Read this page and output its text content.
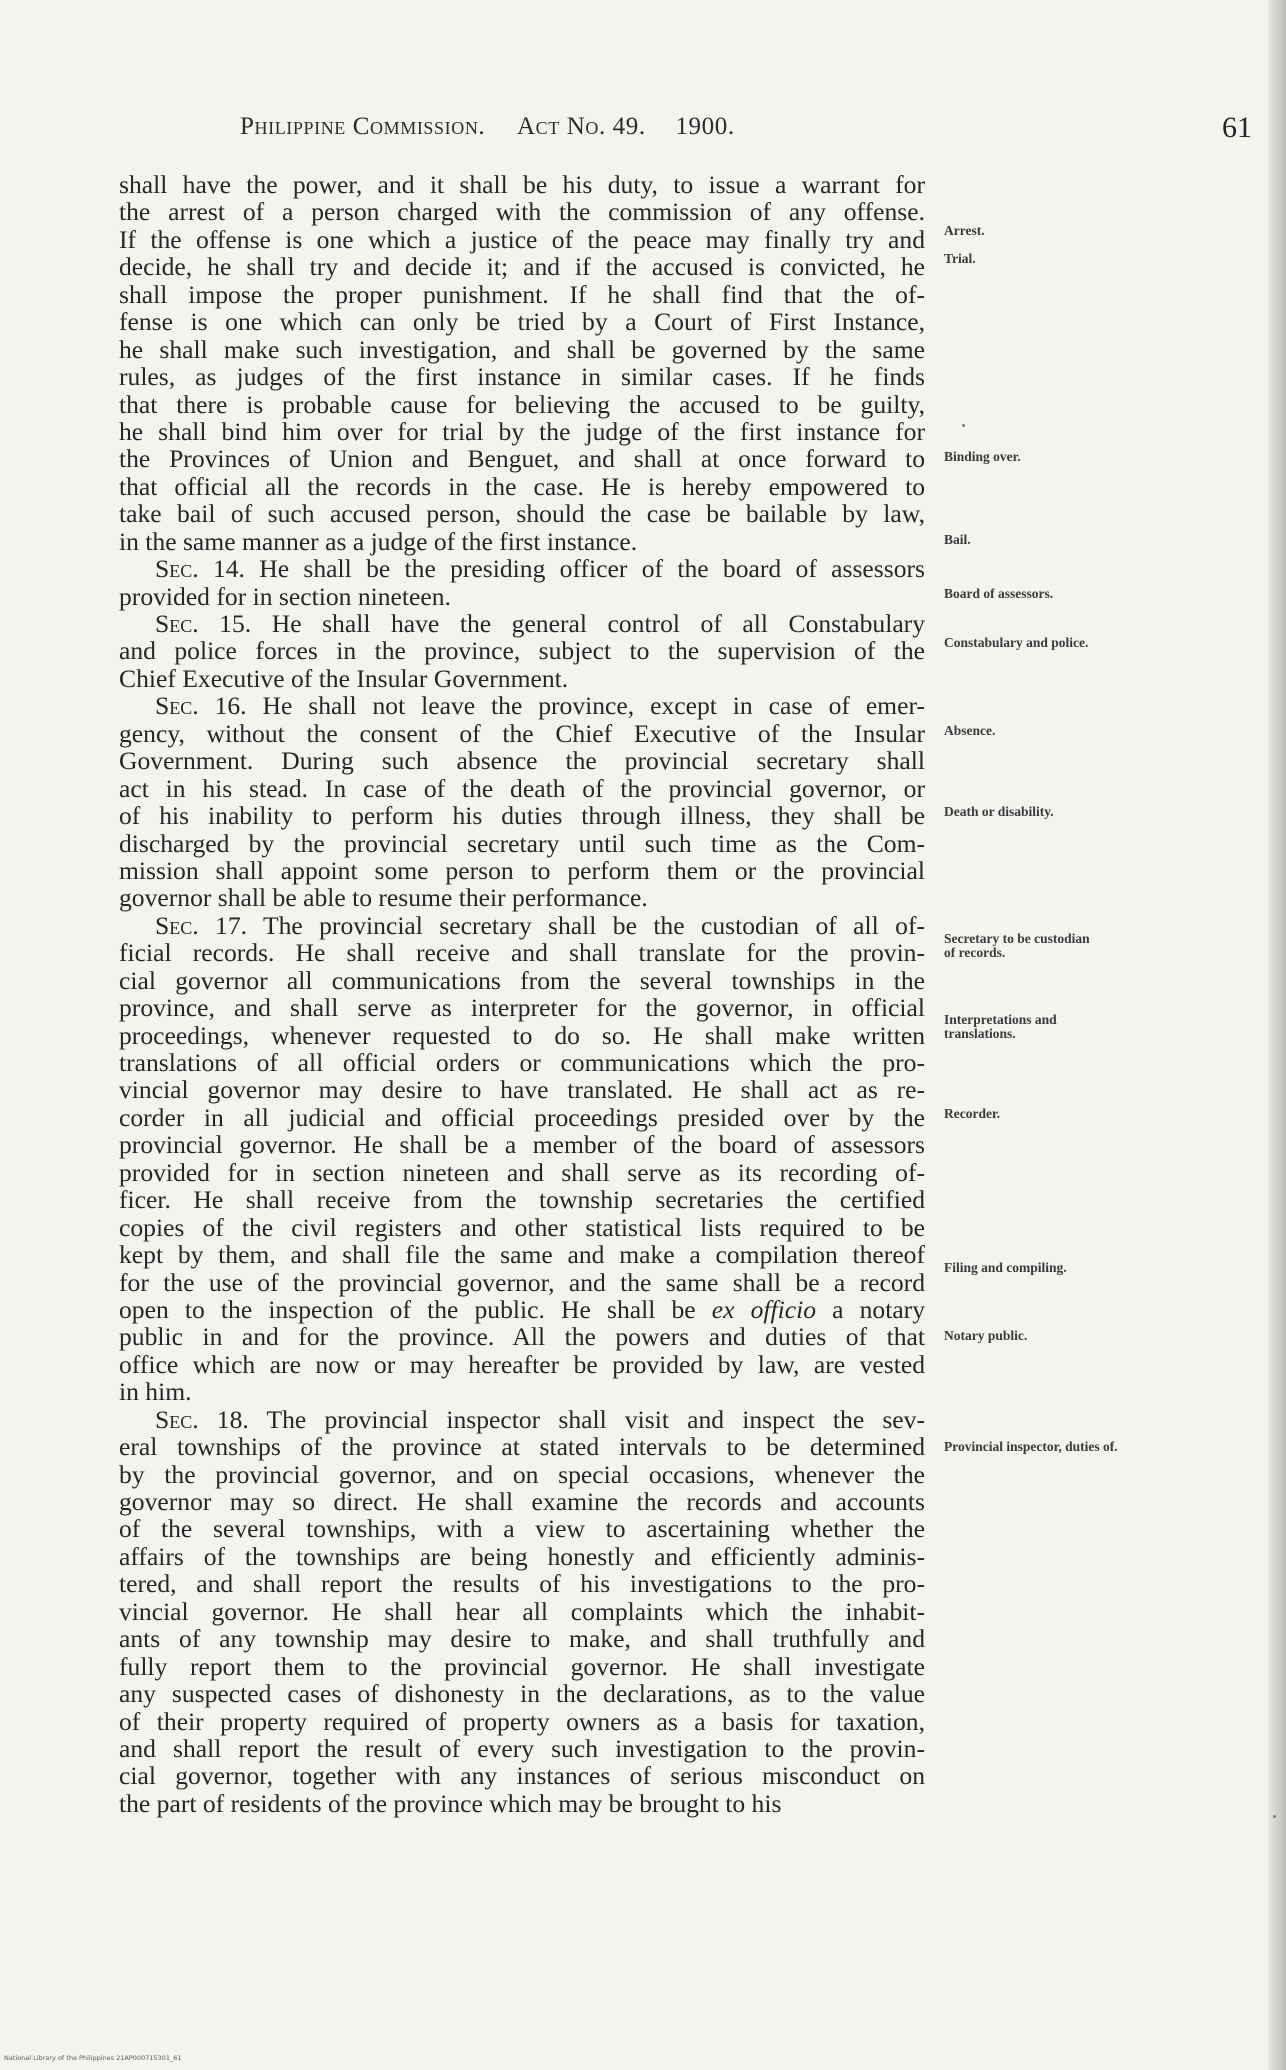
Philippine Commission. Act No. 49. 1900.	61
shall have the power, and it shall be his duty, to issue a warrant for
the arrest of a person charged with the commission of any offense.
If the offense is one which a justice of the peace may finally try and
decide, he shall try and decide it; and if the accused is convicted, he
shall impose the proper punishment. If he shall find that the of-
fense is one which can only be tried by a Court of First Instance,
he shall make such investigation, and shall be governed by the same
rules, as judges of the first instance in similar cases. If he finds
that there is probable cause for believing the accused to be guilty,
he shall bind him over for trial by the judge of the first instance for
the Provinces of Union and Benguet, and shall at once forward to
that official all the records in the case. He is hereby empowered to
take bail of such accused person, should the case be bailable by law,
in the same manner as a judge of the first instance.
Sec. 14. He shall be the presiding officer of the board of assessors
provided for in section nineteen.
Sec. 15. He shall have the general control of all Constabulary
and police forces in the province, subject to the supervision of the
Chief Executive of the Insular Government.
Sec. 16. He shall not leave the province, except in case of emer-
gency, without the consent of the Chief Executive of the Insular
Government. During such absence the provincial secretary shall
act in his stead. In case of the death of the provincial governor, or
of his inability to perform his duties through illness, they shall be
discharged by the provincial secretary until such time as the Com-
mission shall appoint some person to perform them or the provincial
governor shall be able to resume their performance.
Sec. 17. The provincial secretary shall be the custodian of all of-
ficial records. He shall receive and shall translate for the provin-
cial governor all communications from the several townships in the
province, and shall serve as interpreter for the governor, in official
proceedings, whenever requested to do so. He shall make written
translations of all official orders or communications which the pro-
vincial governor may desire to have translated. He shall act as re-
corder in all judicial and official proceedings presided over by the
provincial governor. He shall be a member of the board of assessors
provided for in section nineteen and shall serve as its recording of-
ficer. He shall receive from the township secretaries the certified
copies of the civil registers and other statistical lists required to be
kept by them, and shall file the same and make a compilation thereof
for the use of the provincial governor, and the same shall be a record
open to the inspection of the public. He shall be ex officio a notary
public in and for the province. All the powers and duties of that
office which are now or may hereafter be provided by law, are vested
in him.
Sec. 18. The provincial inspector shall visit and inspect the sev-
eral townships of the province at stated intervals to be determined
by the provincial governor, and on special occasions, whenever the
governor may so direct. He shall examine the records and accounts
of the several townships, with a view to ascertaining whether the
affairs of the townships are being honestly and efficiently adminis-
tered, and shall report the results of his investigations to the pro-
vincial governor. He shall hear all complaints which the inhabit-
ants of any township may desire to make, and shall truthfully and
fully report them to the provincial governor. He shall investigate
any suspected cases of dishonesty in the declarations, as to the value
of their property required of property owners as a basis for taxation,
and shall report the result of every such investigation to the provin-
cial governor, together with any instances of serious misconduct on
the part of residents of the province which may be brought to his
Arrest.
Trial.
Binding over.
Bail.
Board of assessors.
Constabulary and police.
Absence.
Death or disability.
Secretary to be custodian of records.
Interpretations and translations.
Recorder.
Filing and compiling.
Notary public.
Provincial inspector, duties of.
National Library of the Philippines 21AP000715301_61
